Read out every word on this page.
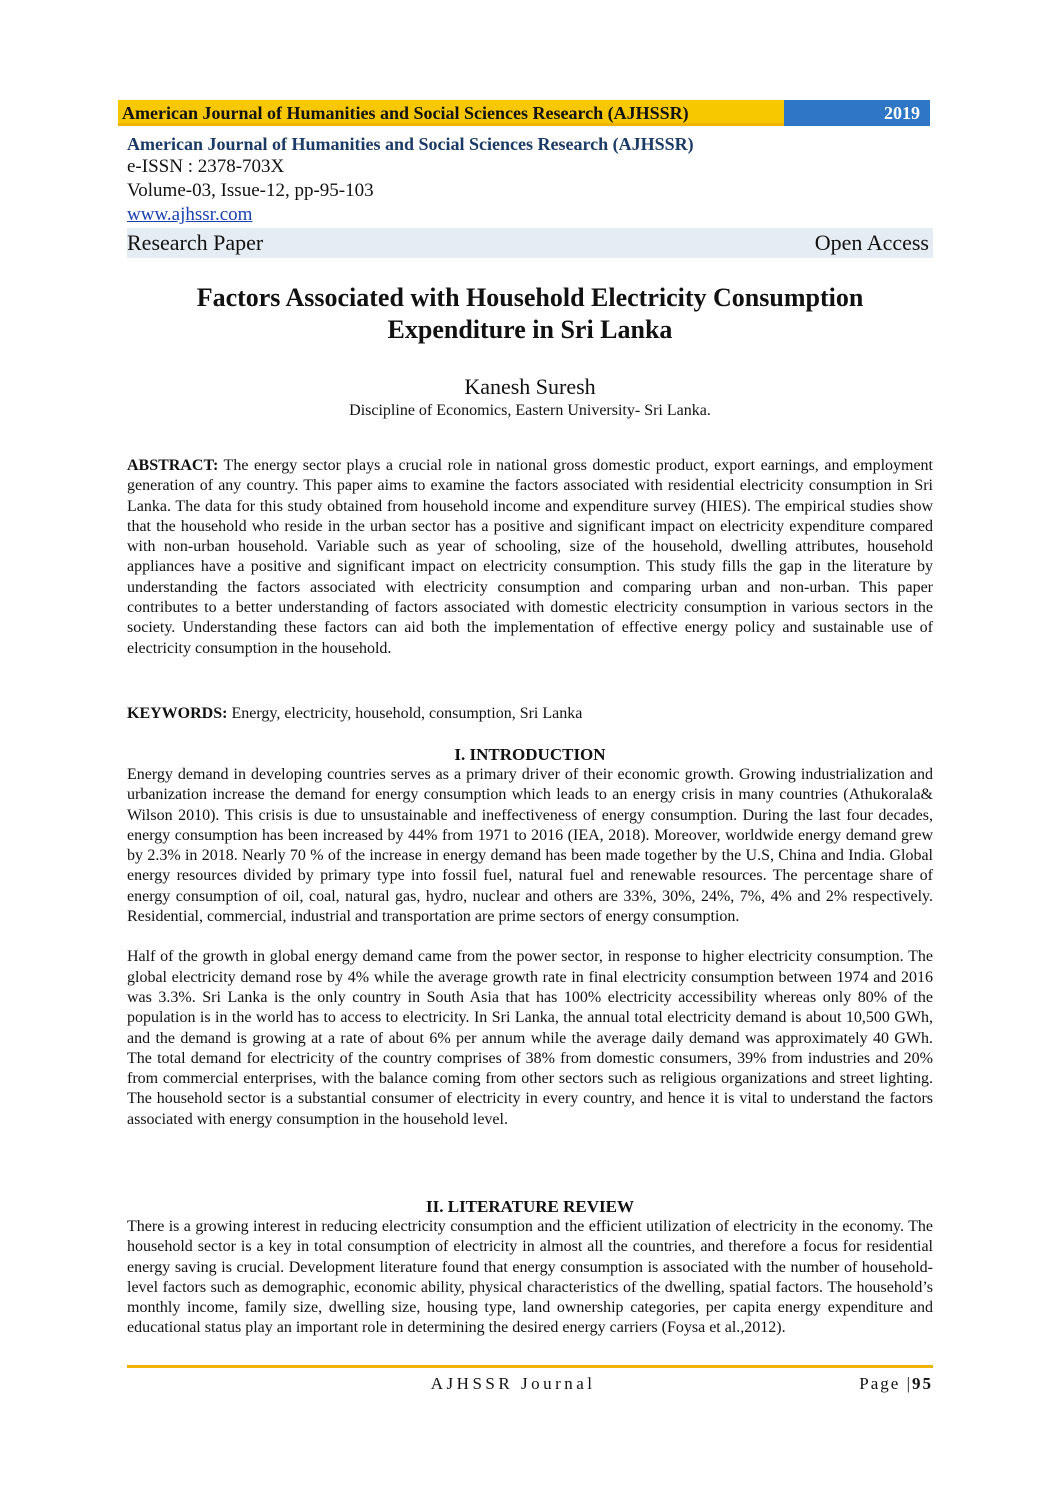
American Journal of Humanities and Social Sciences Research (AJHSSR)	2019
American Journal of Humanities and Social Sciences Research (AJHSSR)
e-ISSN : 2378-703X
Volume-03, Issue-12, pp-95-103
www.ajhssr.com
Research Paper	Open Access
Factors Associated with Household Electricity Consumption
Expenditure in Sri Lanka
Kanesh Suresh
Discipline of Economics, Eastern University- Sri Lanka.
ABSTRACT: The energy sector plays a crucial role in national gross domestic product, export earnings, and employment generation of any country. This paper aims to examine the factors associated with residential electricity consumption in Sri Lanka. The data for this study obtained from household income and expenditure survey (HIES). The empirical studies show that the household who reside in the urban sector has a positive and significant impact on electricity expenditure compared with non-urban household. Variable such as year of schooling, size of the household, dwelling attributes, household appliances have a positive and significant impact on electricity consumption. This study fills the gap in the literature by understanding the factors associated with electricity consumption and comparing urban and non-urban. This paper contributes to a better understanding of factors associated with domestic electricity consumption in various sectors in the society. Understanding these factors can aid both the implementation of effective energy policy and sustainable use of electricity consumption in the household.
KEYWORDS: Energy, electricity, household, consumption, Sri Lanka
I. INTRODUCTION

Energy demand in developing countries serves as a primary driver of their economic growth. Growing industrialization and urbanization increase the demand for energy consumption which leads to an energy crisis in many countries (Athukorala& Wilson 2010). This crisis is due to unsustainable and ineffectiveness of energy consumption. During the last four decades, energy consumption has been increased by 44% from 1971 to 2016 (IEA, 2018). Moreover, worldwide energy demand grew by 2.3% in 2018. Nearly 70 % of the increase in energy demand has been made together by the U.S, China and India. Global energy resources divided by primary type into fossil fuel, natural fuel and renewable resources. The percentage share of energy consumption of oil, coal, natural gas, hydro, nuclear and others are 33%, 30%, 24%, 7%, 4% and 2% respectively. Residential, commercial, industrial and transportation are prime sectors of energy consumption.

Half of the growth in global energy demand came from the power sector, in response to higher electricity consumption. The global electricity demand rose by 4% while the average growth rate in final electricity consumption between 1974 and 2016 was 3.3%. Sri Lanka is the only country in South Asia that has 100% electricity accessibility whereas only 80% of the population is in the world has to access to electricity. In Sri Lanka, the annual total electricity demand is about 10,500 GWh, and the demand is growing at a rate of about 6% per annum while the average daily demand was approximately 40 GWh. The total demand for electricity of the country comprises of 38% from domestic consumers, 39% from industries and 20% from commercial enterprises, with the balance coming from other sectors such as religious organizations and street lighting. The household sector is a substantial consumer of electricity in every country, and hence it is vital to understand the factors associated with energy consumption in the household level.

II. LITERATURE REVIEW

There is a growing interest in reducing electricity consumption and the efficient utilization of electricity in the economy. The household sector is a key in total consumption of electricity in almost all the countries, and therefore a focus for residential energy saving is crucial. Development literature found that energy consumption is associated with the number of household-level factors such as demographic, economic ability, physical characteristics of the dwelling, spatial factors. The household’s monthly income, family size, dwelling size, housing type, land ownership categories, per capita energy expenditure and educational status play an important role in determining the desired energy carriers (Foysa et al.,2012).

AJHSSR Journal	Page |95
